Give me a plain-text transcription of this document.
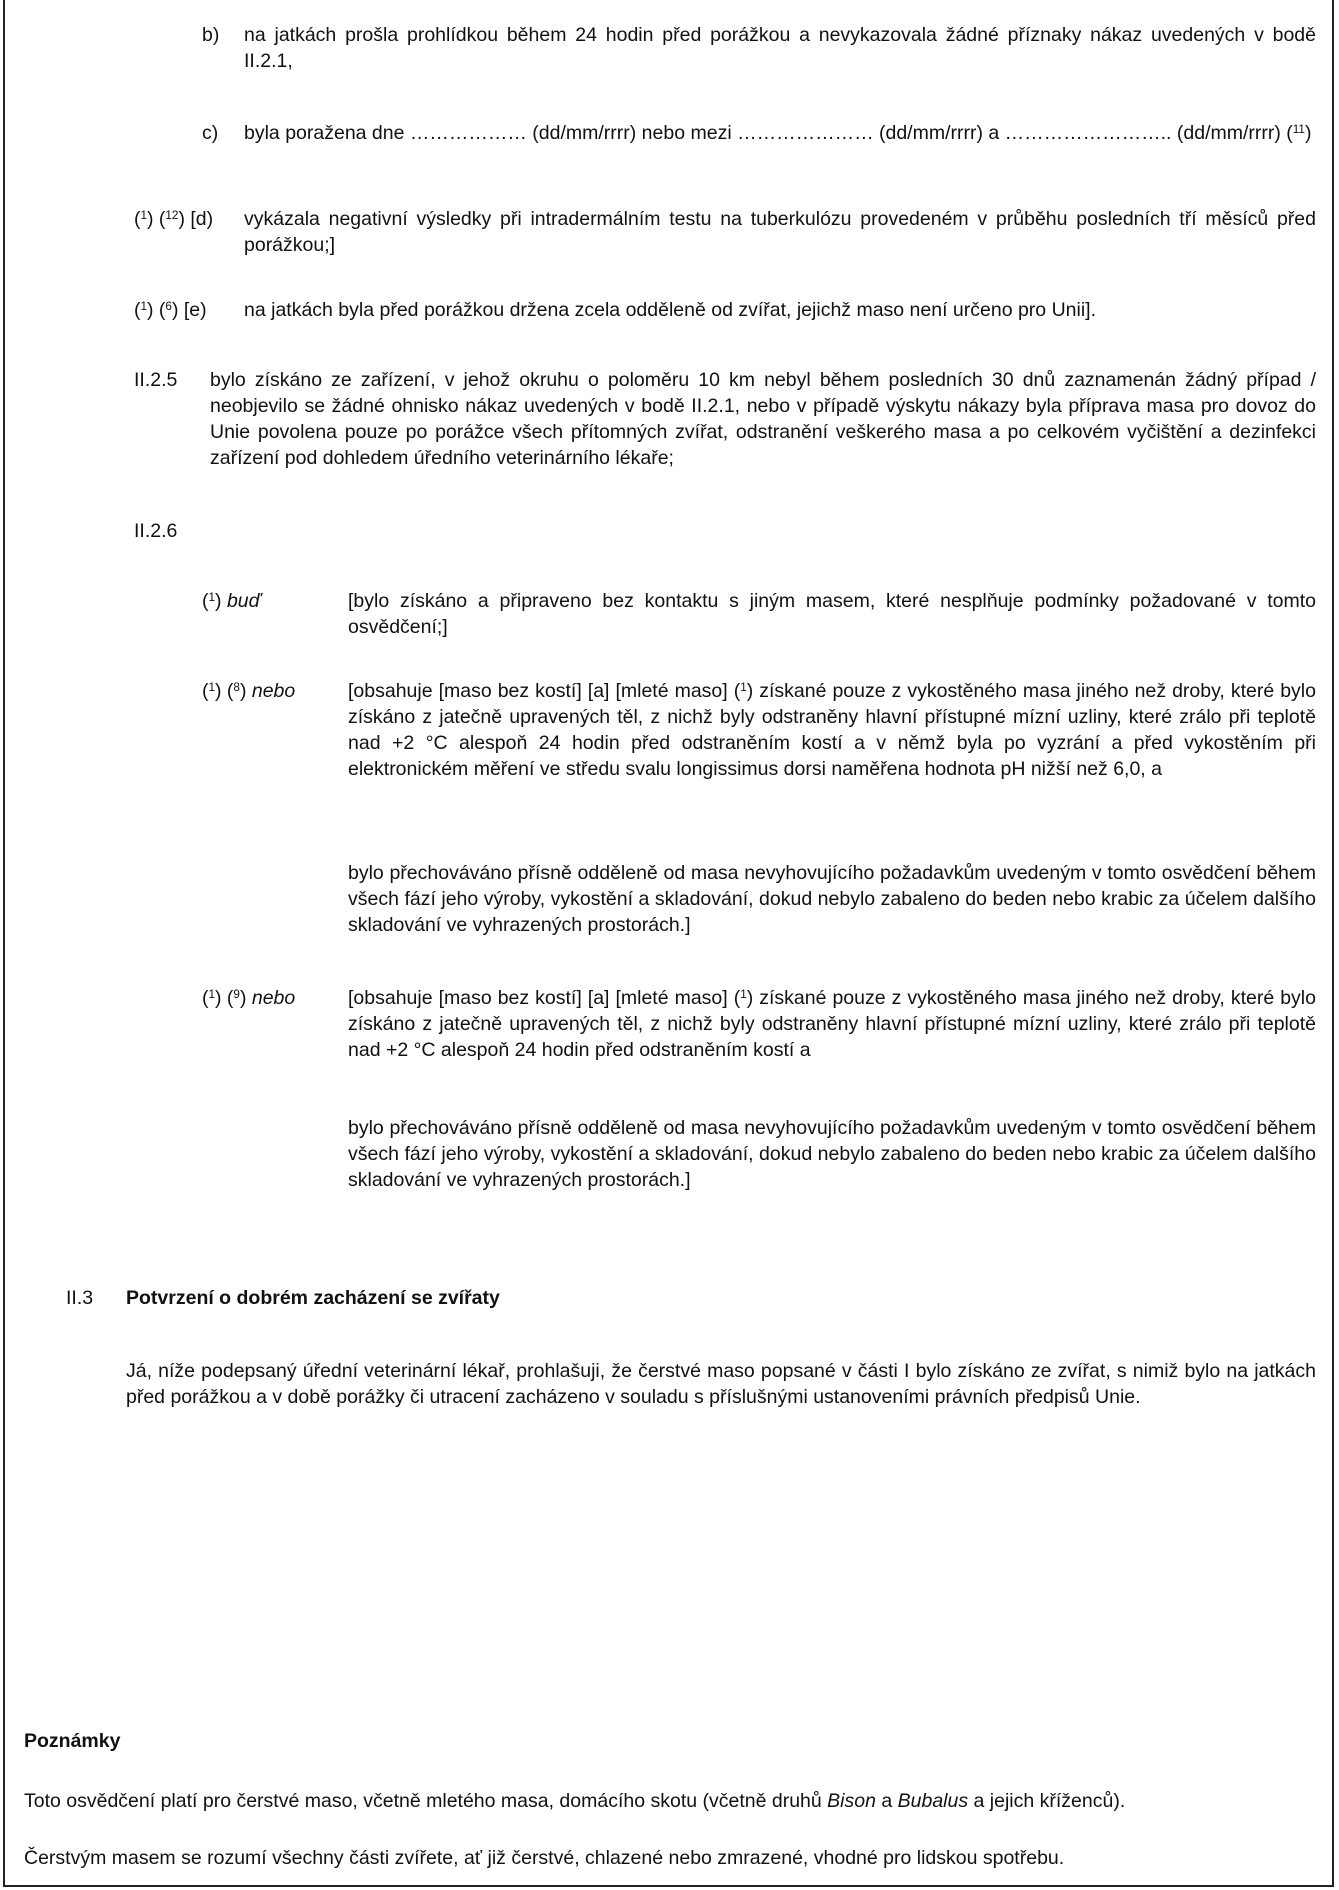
b)	na jatkách prošla prohlídkou během 24 hodin před porážkou a nevykazovala žádné příznaky nákaz uvedených v bodě II.2.1,
c)	byla poražena dne ……………… (dd/mm/rrrr) nebo mezi ………………… (dd/mm/rrrr) a …………………….. (dd/mm/rrrr) ($^{11}$)
($^1$) ($^{12}$) [d)	vykázala negativní výsledky při intradermálním testu na tuberkulózu provedeném v průběhu posledních tří měsíců před porážkou;]
($^1$) ($^6$) [e)	na jatkách byla před porážkou držena zcela odděleně od zvířat, jejichž maso není určeno pro Unii].
II.2.5	bylo získáno ze zařízení, v jehož okruhu o poloměru 10 km nebyl během posledních 30 dnů zaznamenán žádný případ / neobjevilo se žádné ohnisko nákaz uvedených v bodě II.2.1, nebo v případě výskytu nákazy byla příprava masa pro dovoz do Unie povolena pouze po porážce všech přítomných zvířat, odstranění veškerého masa a po celkovém vyčištění a dezinfekci zařízení pod dohledem úředního veterinárního lékaře;
II.2.6
($^1$) buď	[bylo získáno a připraveno bez kontaktu s jiným masem, které nesplňuje podmínky požadované v tomto osvědčení;]
($^1$) ($^8$) nebo	[obsahuje [maso bez kostí] [a] [mleté maso] ($^1$) získané pouze z vykostěného masa jiného než droby, které bylo získáno z jatečně upravených těl, z nichž byly odstraněny hlavní přístupné mízní uzliny, které zrálo při teplotě nad +2 °C alespoň 24 hodin před odstraněním kostí a v němž byla po vyzrání a před vykostěním při elektronickém měření ve středu svalu longissimus dorsi naměřena hodnota pH nižší než 6,0, a
bylo přechováváno přísně odděleně od masa nevyhovujícího požadavkům uvedeným v tomto osvědčení během všech fází jeho výroby, vykostění a skladování, dokud nebylo zabaleno do beden nebo krabic za účelem dalšího skladování ve vyhrazených prostorách.]
($^1$) ($^9$) nebo	[obsahuje [maso bez kostí] [a] [mleté maso] ($^1$) získané pouze z vykostěného masa jiného než droby, které bylo získáno z jatečně upravených těl, z nichž byly odstraněny hlavní přístupné mízní uzliny, které zrálo při teplotě nad +2 °C alespoň 24 hodin před odstraněním kostí a
bylo přechováváno přísně odděleně od masa nevyhovujícího požadavkům uvedeným v tomto osvědčení během všech fází jeho výroby, vykostění a skladování, dokud nebylo zabaleno do beden nebo krabic za účelem dalšího skladování ve vyhrazených prostorách.]
II.3	Potvrzení o dobrém zacházení se zvířaty
Já, níže podepsaný úřední veterinární lékař, prohlašuji, že čerstvé maso popsané v části I bylo získáno ze zvířat, s nimiž bylo na jatkách před porážkou a v době porážky či utracení zacházeno v souladu s příslušnými ustanoveními právních předpisů Unie.
Poznámky
Toto osvědčení platí pro čerstvé maso, včetně mletého masa, domácího skotu (včetně druhů Bison a Bubalus a jejich kříženců).
Čerstvým masem se rozumí všechny části zvířete, ať již čerstvé, chlazené nebo zmrazené, vhodné pro lidskou spotřebu.
